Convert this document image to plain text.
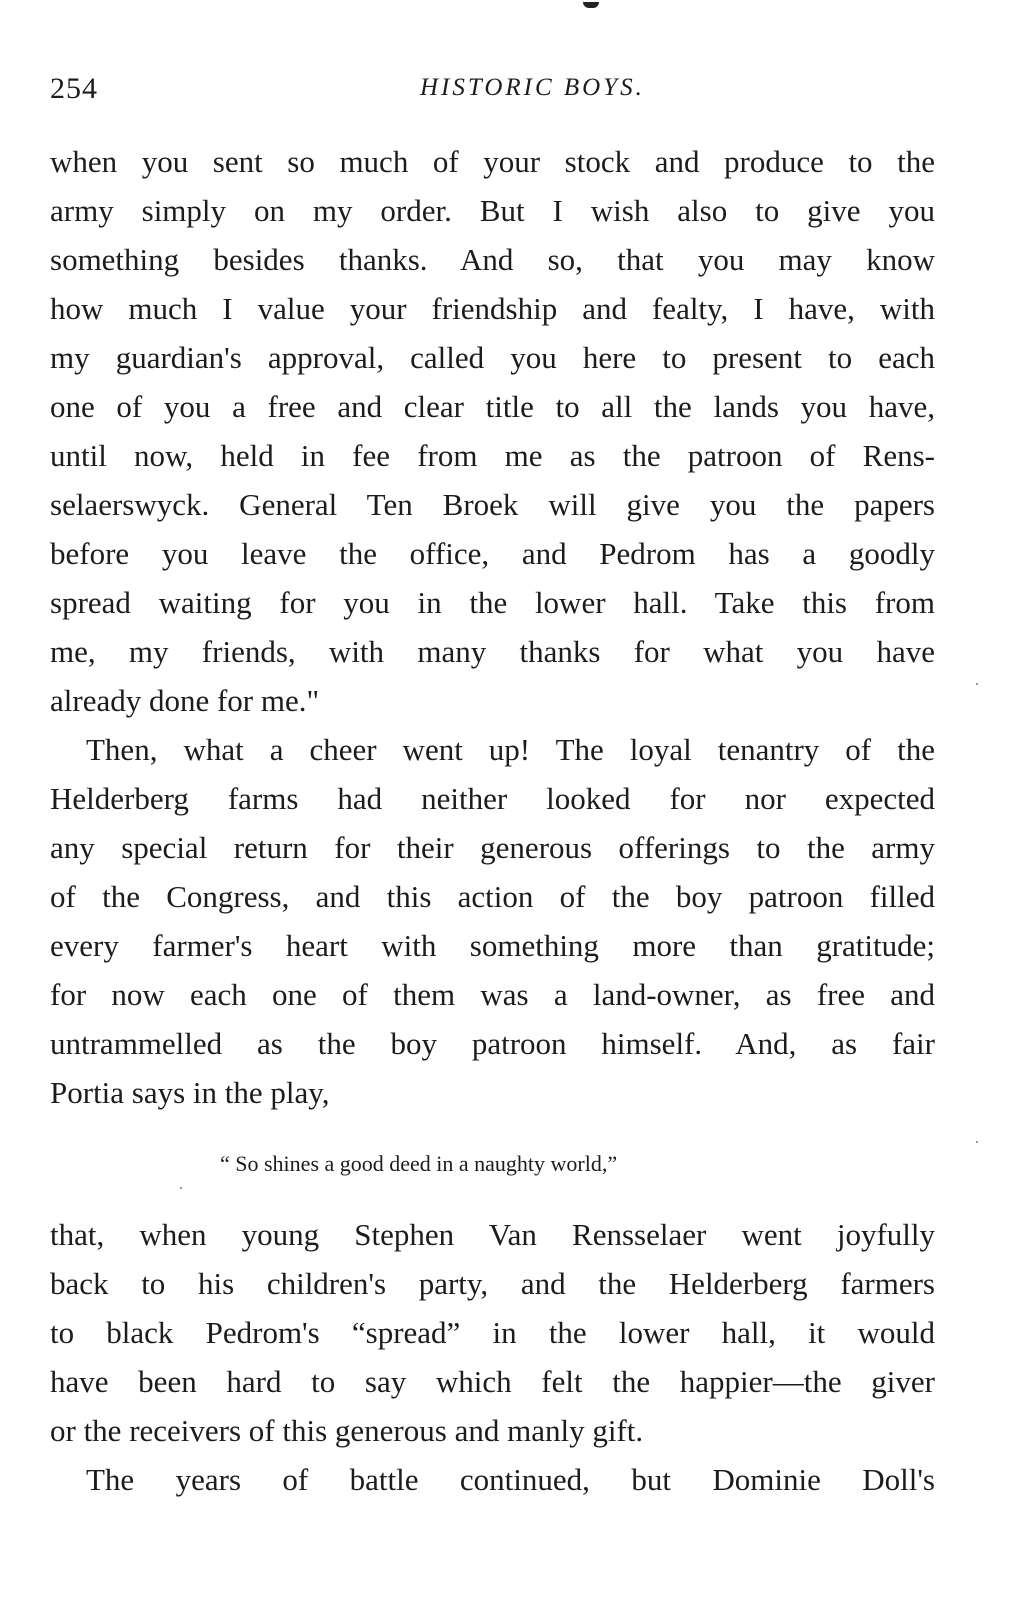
254	HISTORIC BOYS.
when you sent so much of your stock and produce to the
army simply on my order. But I wish also to give you
something besides thanks. And so, that you may know
how much I value your friendship and fealty, I have, with
my guardian's approval, called you here to present to each
one of you a free and clear title to all the lands you have,
until now, held in fee from me as the patroon of Rens-
selaerswyck. General Ten Broek will give you the papers
before you leave the office, and Pedrom has a goodly
spread waiting for you in the lower hall. Take this from
me, my friends, with many thanks for what you have
already done for me."
Then, what a cheer went up! The loyal tenantry of the
Helderberg farms had neither looked for nor expected
any special return for their generous offerings to the army
of the Congress, and this action of the boy patroon filled
every farmer's heart with something more than gratitude;
for now each one of them was a land-owner, as free and
untrammelled as the boy patroon himself. And, as fair
Portia says in the play,
“ So shines a good deed in a naughty world,”
that, when young Stephen Van Rensselaer went joyfully
back to his children's party, and the Helderberg farmers
to black Pedrom's “spread” in the lower hall, it would
have been hard to say which felt the happier—the giver
or the receivers of this generous and manly gift.
The years of battle continued, but Dominie Doll's
